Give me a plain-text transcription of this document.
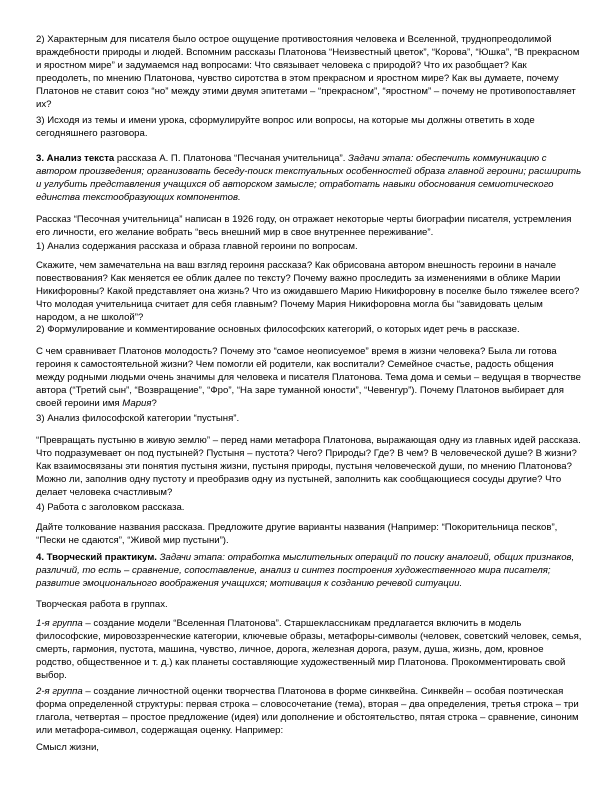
2) Характерным для писателя было острое ощущение противостояния человека и Вселенной, труднопреодолимой враждебности природы и людей. Вспомним рассказы Платонова “Неизвестный цветок”, “Корова”, “Юшка”, “В прекрасном и яростном мире” и задумаемся над вопросами: Что связывает человека с природой? Что их разобщает? Как преодолеть, по мнению Платонова, чувство сиротства в этом прекрасном и яростном мире? Как вы думаете, почему Платонов не ставит союз “но” между этими двумя эпитетами – “прекрасном”, “яростном” – почему не противопоставляет их?

3) Исходя из темы и имени урока, сформулируйте вопрос или вопросы, на которые мы должны ответить в ходе сегодняшнего разговора.

3. Анализ текста рассказа А. П. Платонова “Песчаная учительница”. Задачи этапа: обеспечить коммуникацию с автором произведения; организовать беседу-поиск текстуальных особенностей образа главной героини; расширить и углубить представления учащихся об авторском замысле; отработать навыки обоснования семиотического единства текстообразующих компонентов.

Рассказ “Песочная учительница” написан в 1926 году, он отражает некоторые черты биографии писателя, устремления его личности, его желание вобрать “весь внешний мир в свое внутреннее переживание”.

1) Анализ содержания рассказа и образа главной героини по вопросам.

Скажите, чем замечательна на ваш взгляд героиня рассказа? Как обрисована автором внешность героини в начале повествования? Как меняется ее облик далее по тексту? Почему важно проследить за изменениями в облике Марии Никифоровны? Какой представляет она жизнь? Что из ожидавшего Марию Никифоровну в поселке было тяжелее всего? Что молодая учительница считает для себя главным? Почему Мария Никифоровна могла бы “завидовать целым народом, а не школой”?

2) Формулирование и комментирование основных философских категорий, о которых идет речь в рассказе.

С чем сравнивает Платонов молодость? Почему это “самое неописуемое” время в жизни человека? Была ли готова героиня к самостоятельной жизни? Чем помогли ей родители, как воспитали? Семейное счастье, радость общения между родными людьми очень значимы для человека и писателя Платонова. Тема дома и семьи – ведущая в творчестве автора (“Третий сын”, “Возвращение”, “Фро”, “На заре туманной юности”, “Чевенгур”). Почему Платонов выбирает для своей героини имя Мария?

3) Анализ философской категории “пустыня”.

“Превращать пустыню в живую землю” – перед нами метафора Платонова, выражающая одну из главных идей рассказа. Что подразумевает он под пустыней? Пустыня – пустота? Чего? Природы? Где? В чем? В человеческой душе? В жизни? Как взаимосвязаны эти понятия пустыня жизни, пустыня природы, пустыня человеческой души, по мнению Платонова? Можно ли, заполнив одну пустоту и преобразив одну из пустыней, заполнить как сообщающиеся сосуды другие? Что делает человека счастливым?

4) Работа с заголовком рассказа.

Дайте толкование названия рассказа. Предложите другие варианты названия (Например: “Покорительница песков”, “Пески не сдаются”, “Живой мир пустыни”).

4. Творческий практикум. Задачи этапа: отработка мыслительных операций по поиску аналогий, общих признаков, различий, то есть – сравнение, сопоставление, анализ и синтез построения художественного мира писателя; развитие эмоционального воображения учащихся; мотивация к созданию речевой ситуации.

Творческая работа в группах.

1-я группа – создание модели “Вселенная Платонова”. Старшеклассникам предлагается включить в модель философские, мировоззренческие категории, ключевые образы, метафоры-символы (человек, советский человек, семья, смерть, гармония, пустота, машина, чувство, личное, дорога, железная дорога, разум, душа, жизнь, дом, кровное родство, общественное и т. д.) как планеты составляющие художественный мир Платонова. Прокомментировать свой выбор.

2-я группа – создание личностной оценки творчества Платонова в форме синквейна. Синквейн – особая поэтическая форма определенной структуры: первая строка – словосочетание (тема), вторая – два определения, третья строка – три глагола, четвертая – простое предложение (идея) или дополнение и обстоятельство, пятая строка – сравнение, синоним или метафора-символ, содержащая оценку. Например:

Смысл жизни,
